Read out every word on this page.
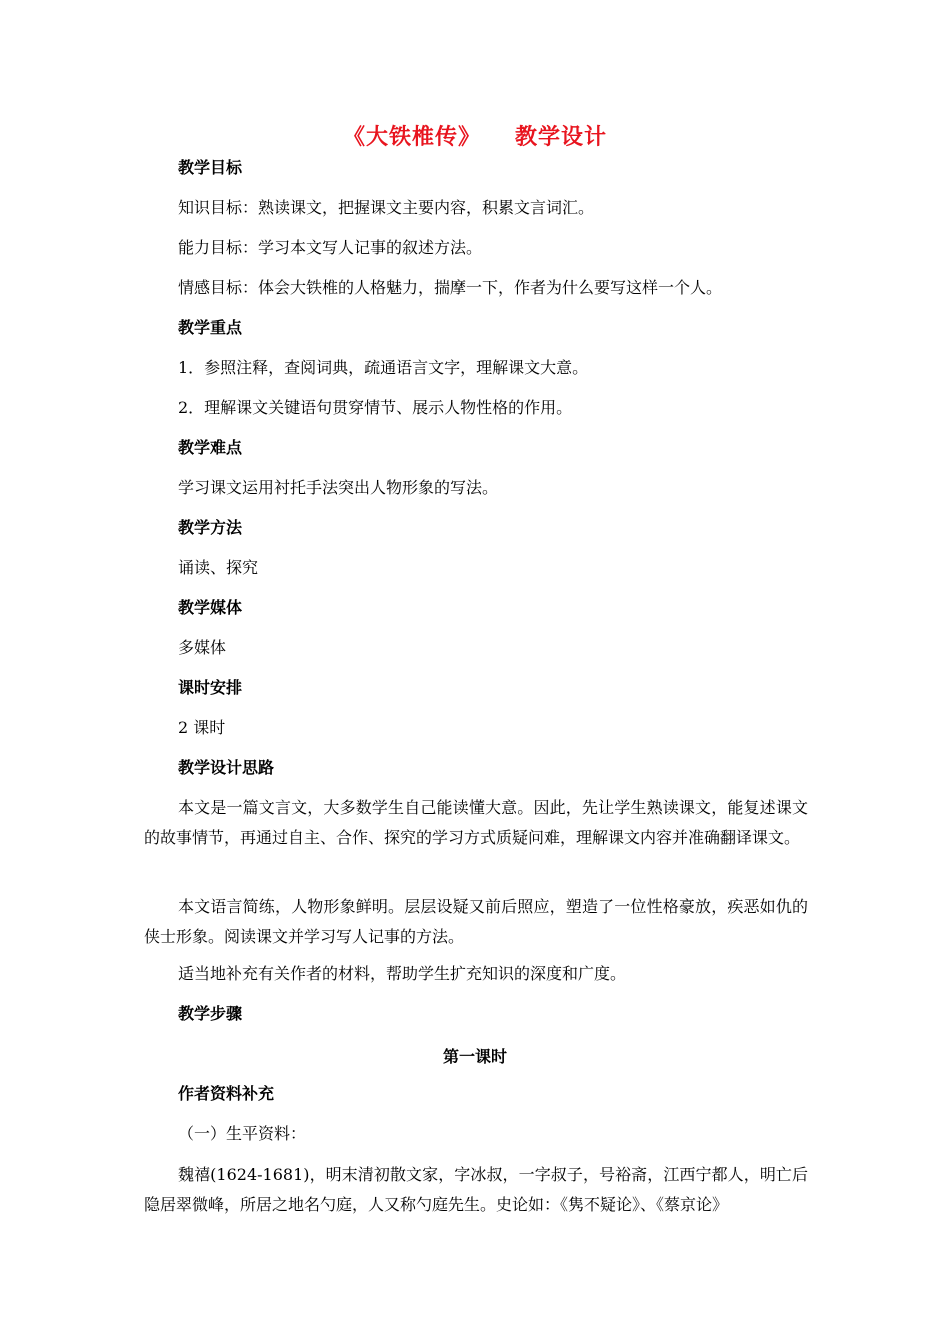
《大铁椎传》 教学设计
教学目标
知识目标：熟读课文，把握课文主要内容，积累文言词汇。
能力目标：学习本文写人记事的叙述方法。
情感目标：体会大铁椎的人格魅力，揣摩一下，作者为什么要写这样一个人。
教学重点
1．参照注释，查阅词典，疏通语言文字，理解课文大意。
2．理解课文关键语句贯穿情节、展示人物性格的作用。
教学难点
学习课文运用衬托手法突出人物形象的写法。
教学方法
诵读、探究
教学媒体
多媒体
课时安排
2 课时
教学设计思路
本文是一篇文言文，大多数学生自己能读懂大意。因此，先让学生熟读课文，能复述课文的故事情节，再通过自主、合作、探究的学习方式质疑问难，理解课文内容并准确翻译课文。
本文语言简练，人物形象鲜明。层层设疑又前后照应，塑造了一位性格豪放，疾恶如仇的侠士形象。阅读课文并学习写人记事的方法。
适当地补充有关作者的材料，帮助学生扩充知识的深度和广度。
教学步骤
第一课时
作者资料补充
（一）生平资料：
魏禧(1624-1681)，明末清初散文家，字冰叔，一字叔子，号裕斋，江西宁都人，明亡后隐居翠微峰，所居之地名勺庭，人又称勺庭先生。史论如：《隽不疑论》、《蔡京论》
